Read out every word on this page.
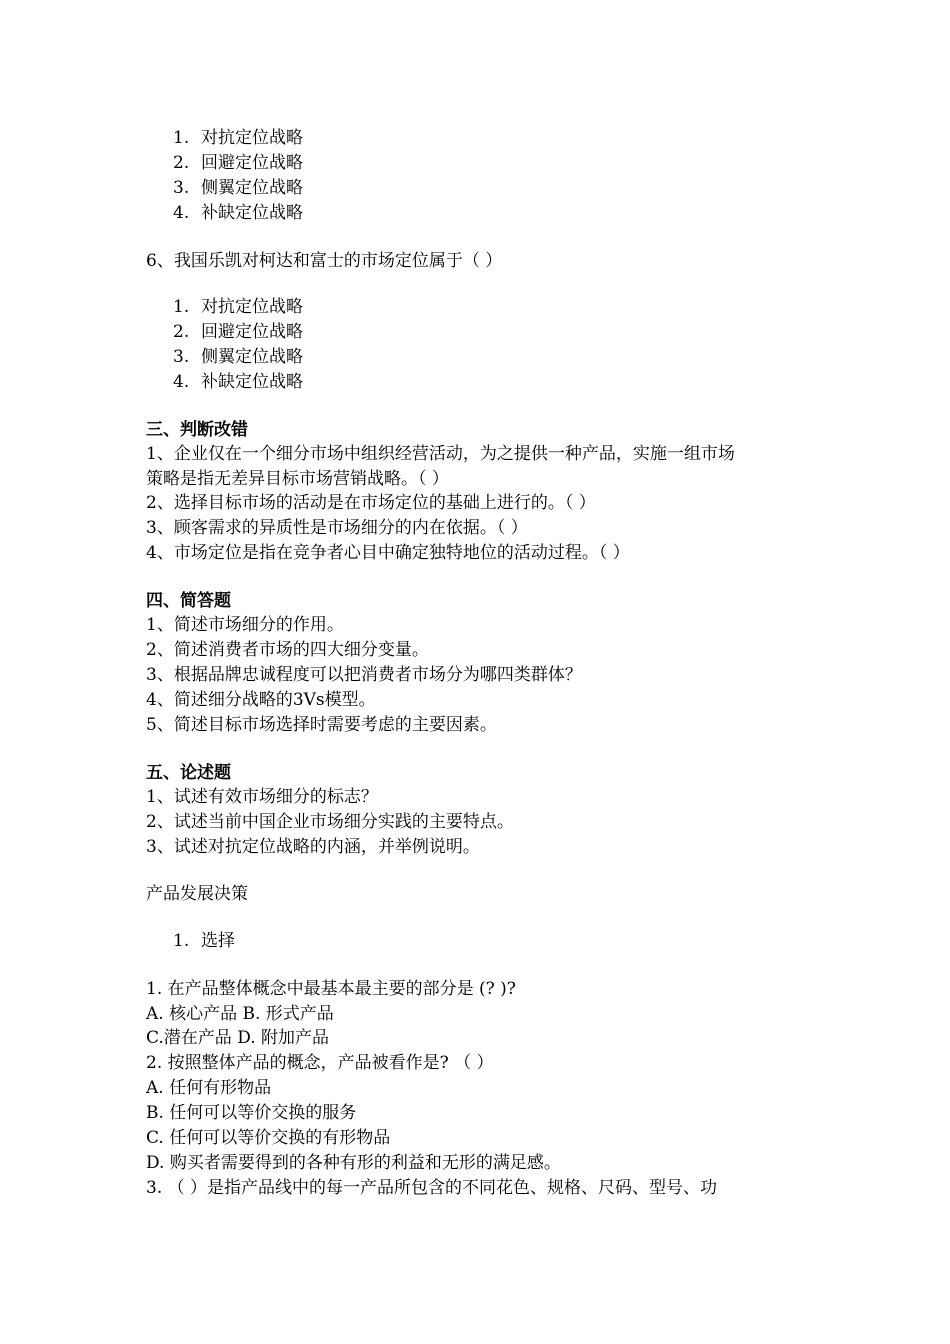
1. 对抗定位战略
2. 回避定位战略
3. 侧翼定位战略
4. 补缺定位战略
6、我国乐凯对柯达和富士的市场定位属于（ ）
1. 对抗定位战略
2. 回避定位战略
3. 侧翼定位战略
4. 补缺定位战略
三、判断改错
1、企业仅在一个细分市场中组织经营活动，为之提供一种产品，实施一组市场
策略是指无差异目标市场营销战略。（ ）
2、选择目标市场的活动是在市场定位的基础上进行的。（ ）
3、顾客需求的异质性是市场细分的内在依据。（ ）
4、市场定位是指在竞争者心目中确定独特地位的活动过程。（ ）
四、简答题
1、简述市场细分的作用。
2、简述消费者市场的四大细分变量。
3、根据品牌忠诚程度可以把消费者市场分为哪四类群体？
4、简述细分战略的3Vs模型。
5、简述目标市场选择时需要考虑的主要因素。
五、论述题
1、试述有效市场细分的标志？
2、试述当前中国企业市场细分实践的主要特点。
3、试述对抗定位战略的内涵，并举例说明。
产品发展决策
1. 选择
1. 在产品整体概念中最基本最主要的部分是 (? )?
A. 核心产品 B. 形式产品
C.潜在产品 D. 附加产品
2. 按照整体产品的概念，产品被看作是? （ ）
A. 任何有形物品
B. 任何可以等价交换的服务
C. 任何可以等价交换的有形物品
D. 购买者需要得到的各种有形的利益和无形的满足感。
3. （ ）是指产品线中的每一产品所包含的不同花色、规格、尺码、型号、功
